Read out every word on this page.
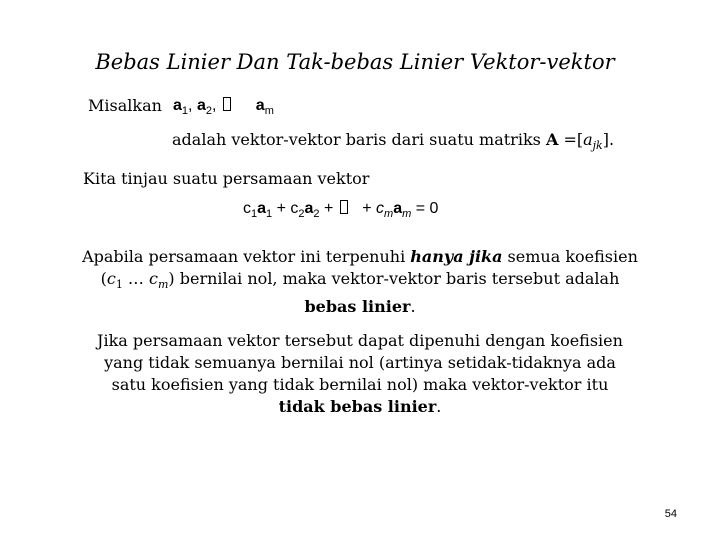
Bebas Linier Dan Tak-bebas Linier Vektor-vektor
Misalkan $a_1$, $a_2$, $a_m$
adalah vektor-vektor baris dari suatu matriks $A =[a_{jk}]$.
Kita tinjau suatu persamaan vektor
$c_1a_1 + c_2a_2$ +  + $c_ma_m = 0$
Apabila persamaan vektor ini terpenuhi hanya jika semua koefisien
($c_1$ … $c_m$) bernilai nol, maka vektor-vektor baris tersebut adalah
bebas linier.
Jika persamaan vektor tersebut dapat dipenuhi dengan koefisien
yang tidak semuanya bernilai nol (artinya setidak-tidaknya ada
satu koefisien yang tidak bernilai nol) maka vektor-vektor itu
tidak bebas linier.
54
